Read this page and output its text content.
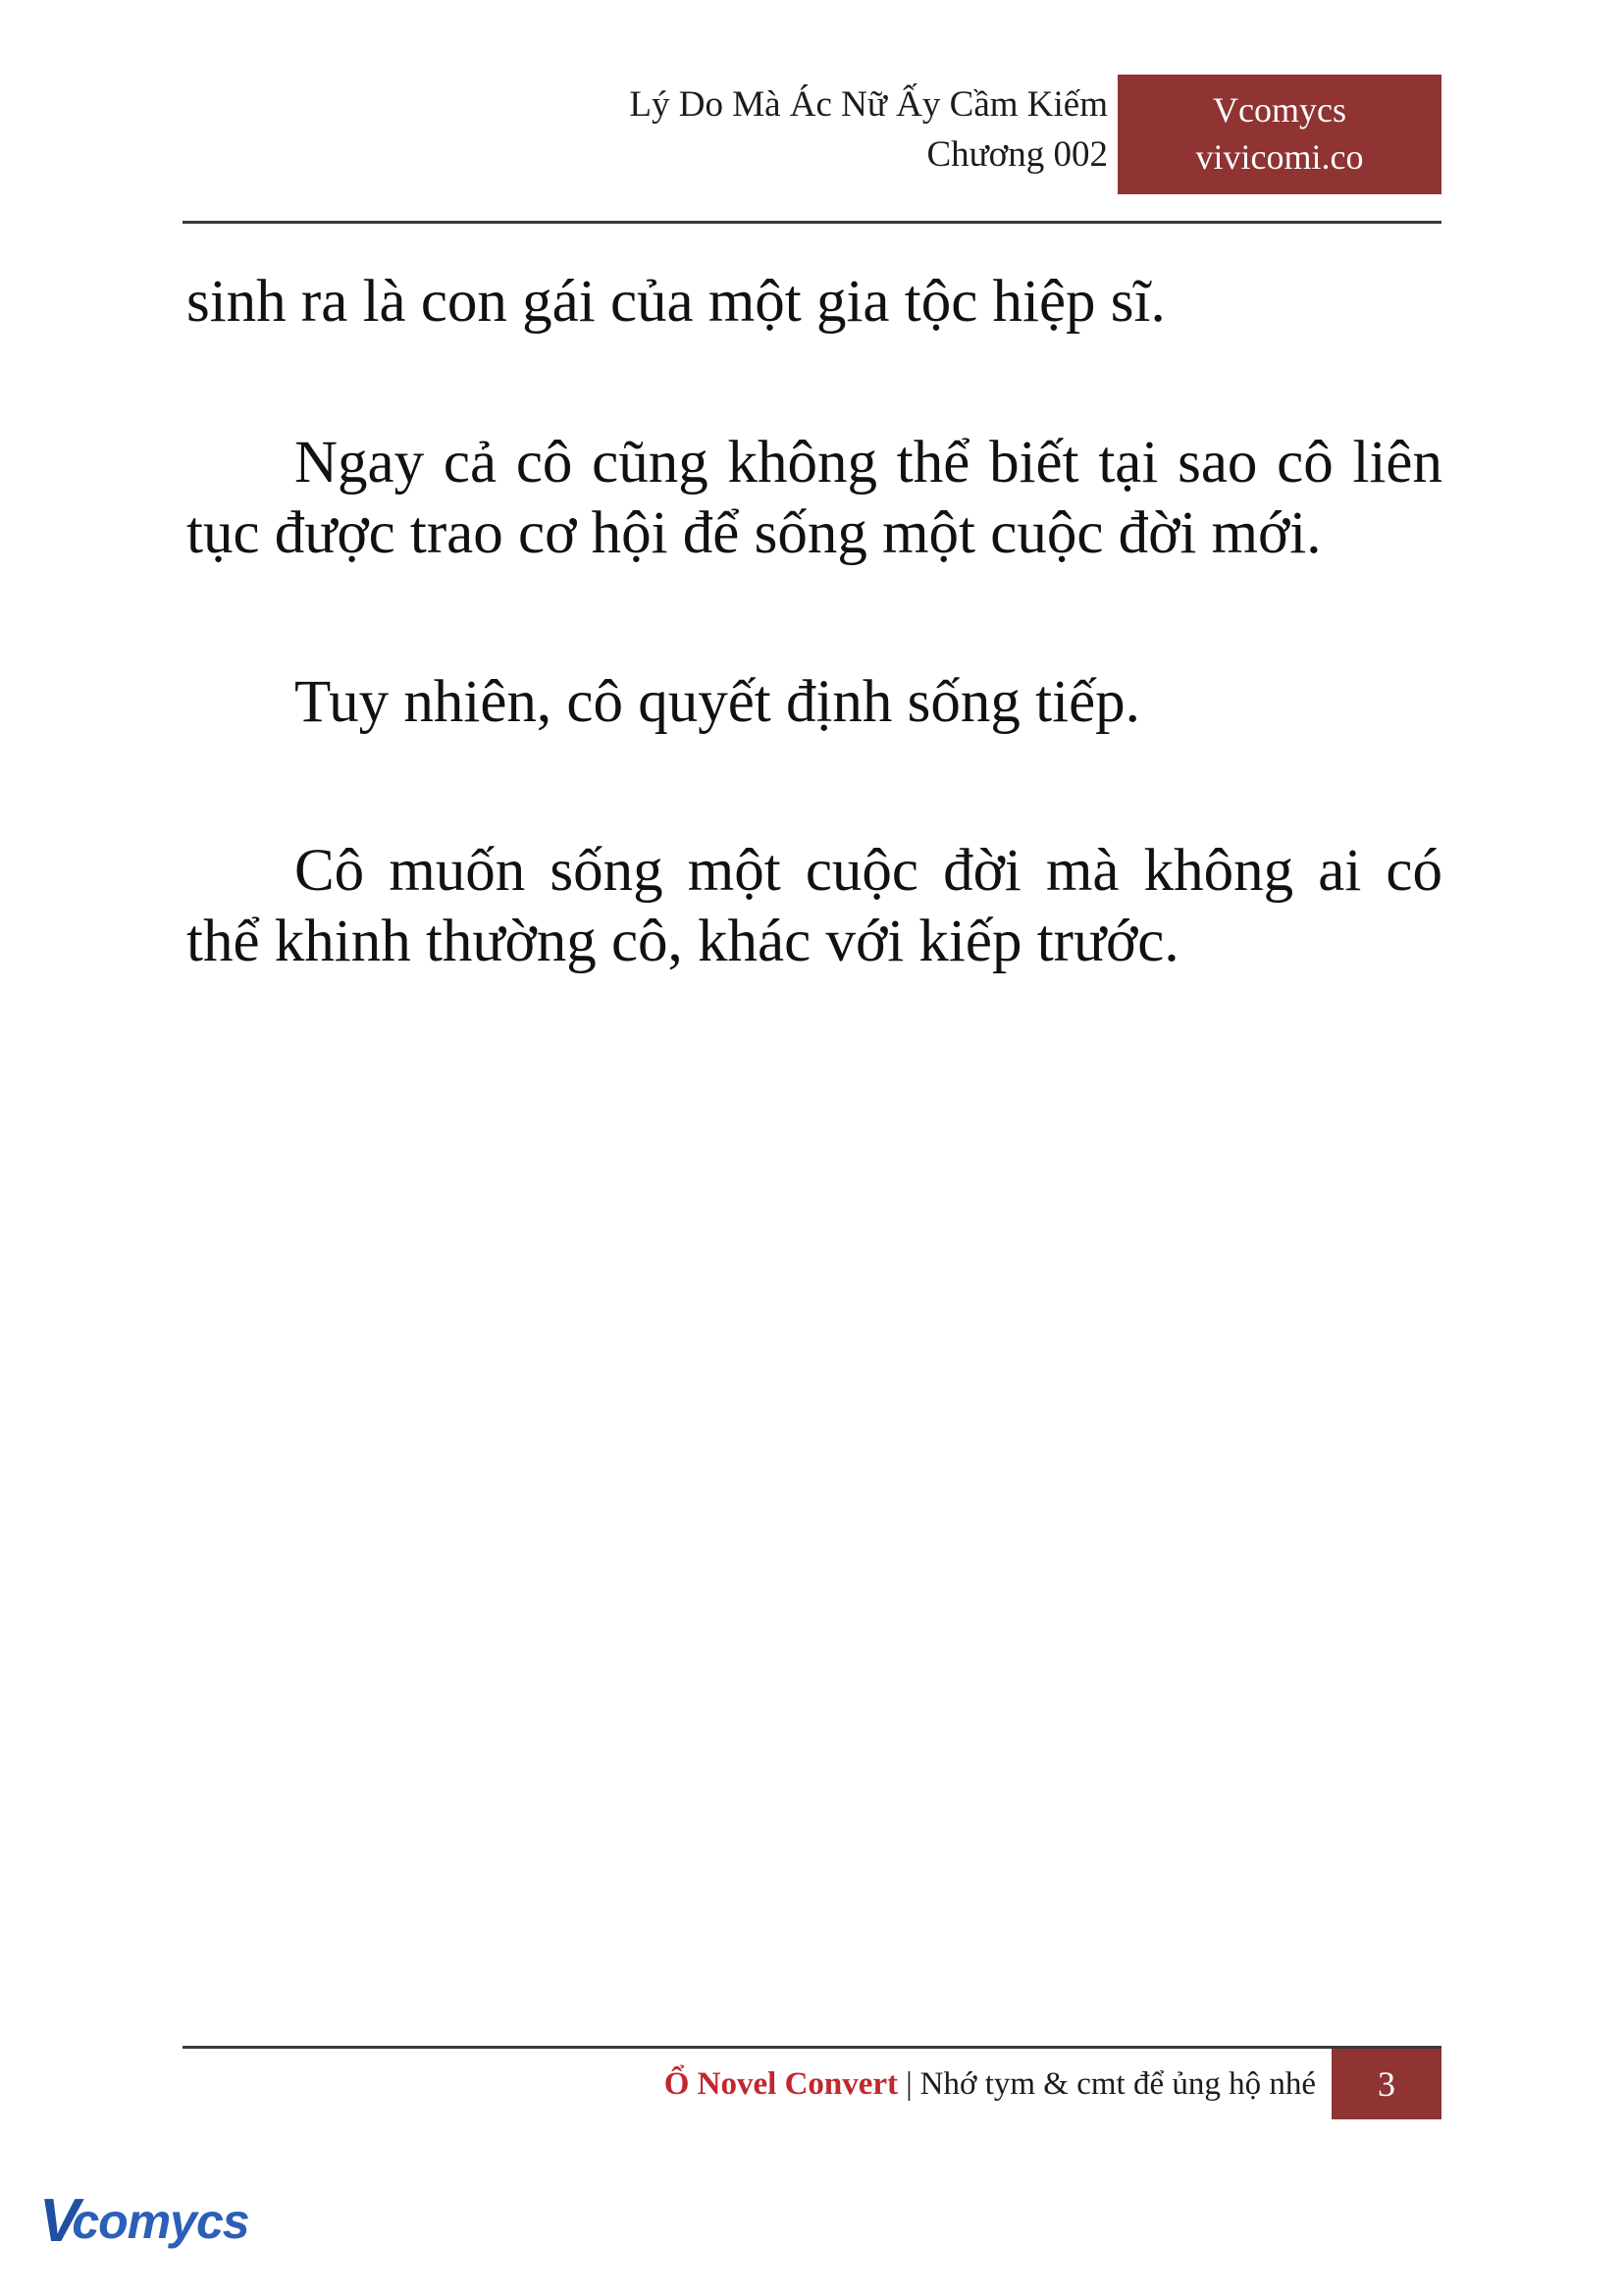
Lý Do Mà Ác Nữ Ấy Cầm Kiếm
Chương 002
Vcomycs
vivicomi.co

sinh ra là con gái của một gia tộc hiệp sĩ.

Ngay cả cô cũng không thể biết tại sao cô liên tục được trao cơ hội để sống một cuộc đời mới.

Tuy nhiên, cô quyết định sống tiếp.

Cô muốn sống một cuộc đời mà không ai có thể khinh thường cô, khác với kiếp trước.

Ổ Novel Convert | Nhớ tym & cmt để ủng hộ nhé	3
V
comycs
